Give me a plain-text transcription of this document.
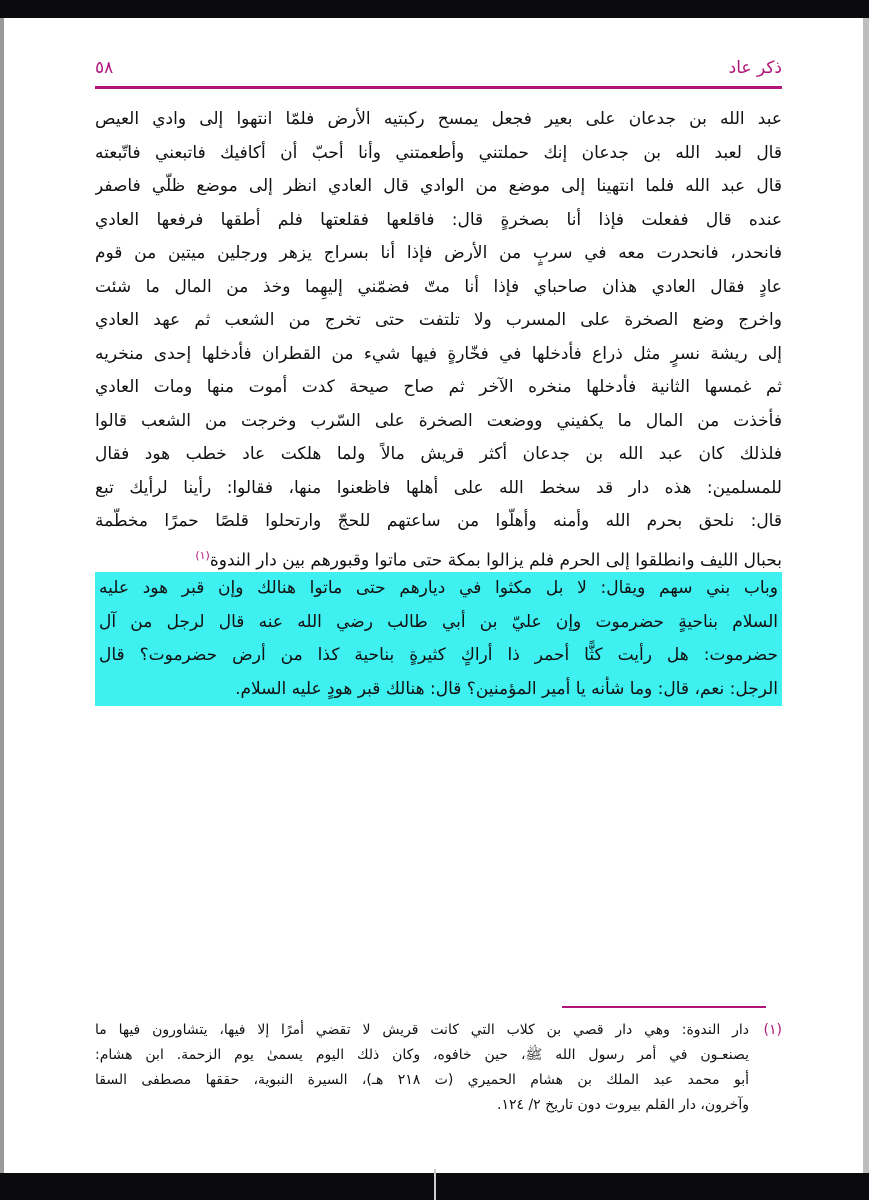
٥٨	ذكر عاد
عبد الله بن جدعان على بعير فجعل يمسح ركبتيه الأرض فلمّا انتهوا إلى وادي العيص
قال لعبد الله بن جدعان إنك حملتني وأطعمتني وأنا أحبّ أن أكافيك فاتبعني فاتّبعته
قال عبد الله فلما انتهينا إلى موضع من الوادي قال العادي انظر إلى موضع ظلّي فاصفر
عنده قال ففعلت فإذا أنا بصخرةٍ قال: فاقلعها فقلعتها فلم أطقها فرفعها العادي
فانحدر، فانحدرت معه في سربٍ من الأرض فإذا أنا بسراج يزهر ورجلين ميتين من قوم
عادٍ فقال العادي هذان صاحباي فإذا أنا متّ فضمّني إليهِما وخذ من المال ما شئت
واخرج وضع الصخرة على المسرب ولا تلتفت حتى تخرج من الشعب ثم عهد العادي
إلى ريشة نسرٍ مثل ذراع فأدخلها في فخّارةٍ فيها شيء من القطران فأدخلها إحدى منخريه
ثم غمسها الثانية فأدخلها منخره الآخر ثم صاح صيحة كدت أموت منها ومات العادي
فأخذت من المال ما يكفيني ووضعت الصخرة على السّرب وخرجت من الشعب قالوا
فلذلك كان عبد الله بن جدعان أكثر قريش مالاً ولما هلكت عاد خطب هود فقال
للمسلمين: هذه دار قد سخط الله على أهلها فاظعنوا منها، فقالوا: رأينا لرأيك تبع
قال: نلحق بحرم الله وأمنه وأهلّوا من ساعتهم للحجّ وارتحلوا قلصًا حمرًا مخطّمة
بحبال الليف وانطلقوا إلى الحرم فلم يزالوا بمكة حتى ماتوا وقبورهم بين دار الندوة$^{(١)}$
وباب بني سهم ويقال: لا بل مكثوا في ديارهم حتى ماتوا هنالك وإن قبر هود عليه
السلام بناحيةٍ حضرموت وإن عليّ بن أبي طالب رضي الله عنه قال لرجل من آل
حضرموت: هل رأيت كثًّا أحمر ذا أراكٍ كثيرةٍ بناحية كذا من أرض حضرموت؟ قال
الرجل: نعم، قال: وما شأنه يا أمير المؤمنين؟ قال: هنالك قبر هودٍ عليه السلام.
(١)
دار الندوة: وهي دار قصي بن كلاب التي كانت قريش لا تقضي أمرًا إلا فيها، يتشاورون فيها ما
يصنعـون في أمر رسول الله ﷺ، حين خافوه، وكان ذلك اليوم يسمىٰ يوم الزحمة. ابن هشام:
أبو محمد عبد الملك بن هشام الحميري (ت ٢١٨ هـ)، السيرة النبوية، حققها مصطفى السقا
وآخرون، دار القلم بيروت دون تاريخ ٢/ ١٢٤.
